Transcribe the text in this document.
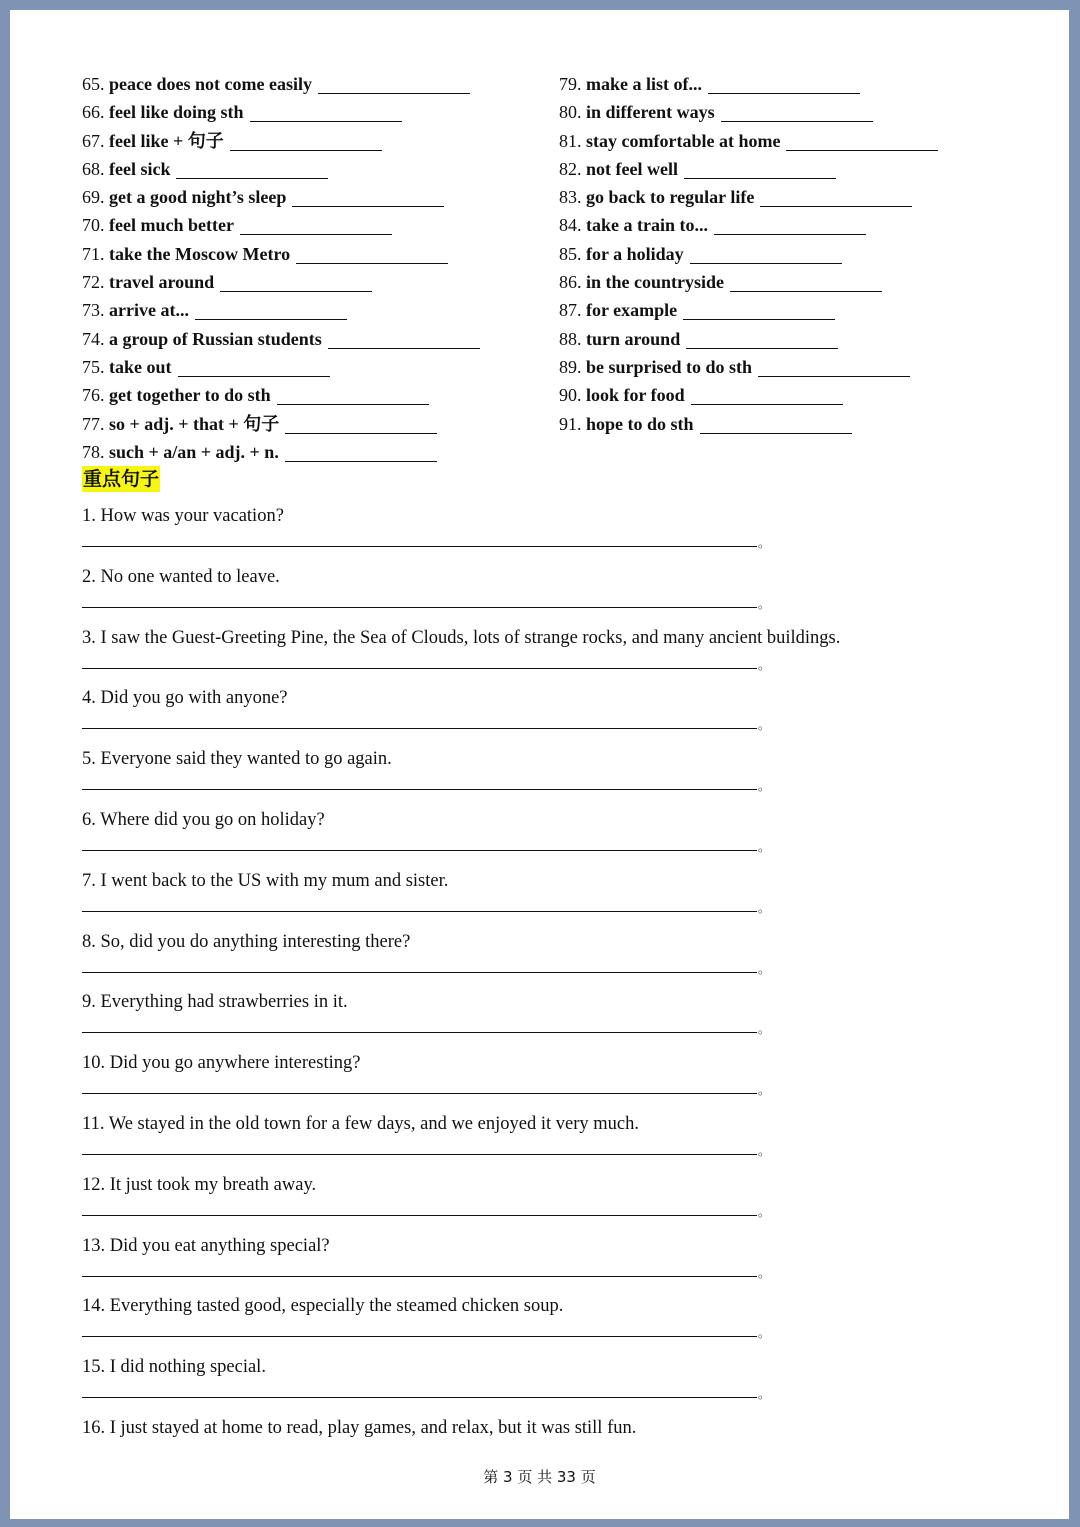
65. peace does not come easily
66. feel like doing sth
67. feel like + 句子
68. feel sick
69. get a good night’s sleep
70. feel much better
71. take the Moscow Metro
72. travel around
73. arrive at...
74. a group of Russian students
75. take out
76. get together to do sth
77. so + adj. + that + 句子
78. such + a/an + adj. + n.
79. make a list of...
80. in different ways
81. stay comfortable at home
82. not feel well
83. go back to regular life
84. take a train to...
85. for a holiday
86. in the countryside
87. for example
88. turn around
89. be surprised to do sth
90. look for food
91. hope to do sth
重点句子
1. How was your vacation?
。
2. No one wanted to leave.
。
3. I saw the Guest-Greeting Pine, the Sea of Clouds, lots of strange rocks, and many ancient buildings.
。
4. Did you go with anyone?
。
5. Everyone said they wanted to go again.
。
6. Where did you go on holiday?
。
7. I went back to the US with my mum and sister.
。
8. So, did you do anything interesting there?
。
9. Everything had strawberries in it.
。
10. Did you go anywhere interesting?
。
11. We stayed in the old town for a few days, and we enjoyed it very much.
。
12. It just took my breath away.
。
13. Did you eat anything special?
。
14. Everything tasted good, especially the steamed chicken soup.
。
15. I did nothing special.
。
16. I just stayed at home to read, play games, and relax, but it was still fun.
第 3 页 共 33 页
